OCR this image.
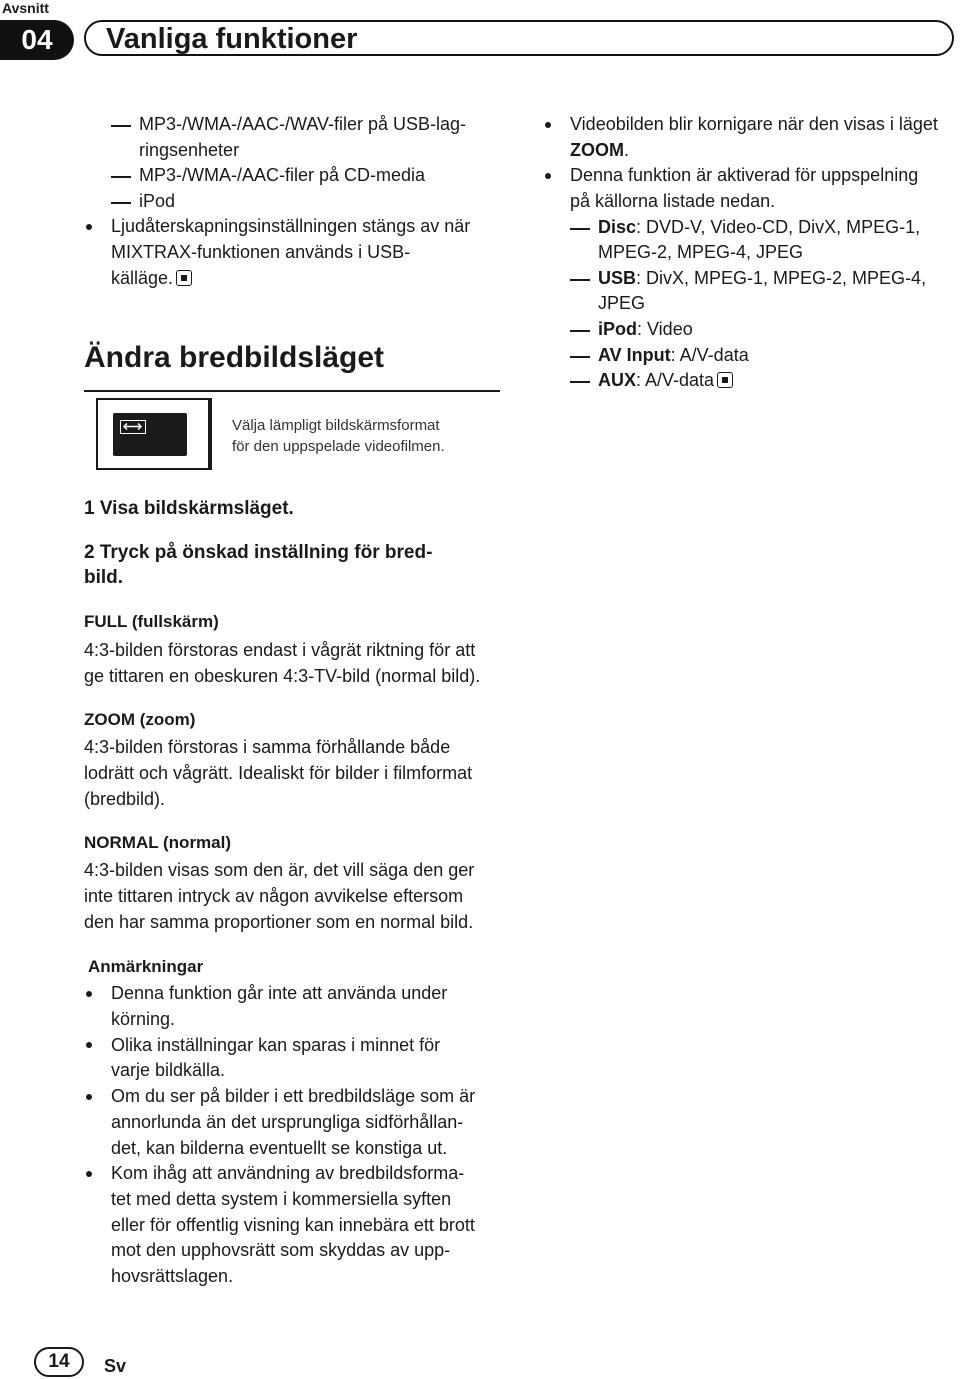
Avsnitt
04	Vanliga funktioner
MP3-/WMA-/AAC-/WAV-filer på USB-lag-
ringsenheter
MP3-/WMA-/AAC-filer på CD-media
iPod
Ljudåterskapningsinställningen stängs av när
MIXTRAX-funktionen används i USB-
källäge.
Ändra bredbildsläget
Välja lämpligt bildskärmsformat
för den uppspelade videofilmen.
1 Visa bildskärmsläget.
2 Tryck på önskad inställning för bred-
bild.
FULL (fullskärm)
4:3-bilden förstoras endast i vågrät riktning för att
ge tittaren en obeskuren 4:3-TV-bild (normal bild).
ZOOM (zoom)
4:3-bilden förstoras i samma förhållande både
lodrätt och vågrätt. Idealiskt för bilder i filmformat
(bredbild).
NORMAL (normal)
4:3-bilden visas som den är, det vill säga den ger
inte tittaren intryck av någon avvikelse eftersom
den har samma proportioner som en normal bild.
Anmärkningar
Denna funktion går inte att använda under
körning.
Olika inställningar kan sparas i minnet för
varje bildkälla.
Om du ser på bilder i ett bredbildsläge som är
annorlunda än det ursprungliga sidförhållan-
det, kan bilderna eventuellt se konstiga ut.
Kom ihåg att användning av bredbildsforma-
tet med detta system i kommersiella syften
eller för offentlig visning kan innebära ett brott
mot den upphovsrätt som skyddas av upp-
hovsrättslagen.
Videobilden blir kornigare när den visas i läget
ZOOM.
Denna funktion är aktiverad för uppspelning
på källorna listade nedan.
Disc: DVD-V, Video-CD, DivX, MPEG-1,
MPEG-2, MPEG-4, JPEG
USB: DivX, MPEG-1, MPEG-2, MPEG-4,
JPEG
iPod: Video
AV Input: A/V-data
AUX: A/V-data
14	Sv
